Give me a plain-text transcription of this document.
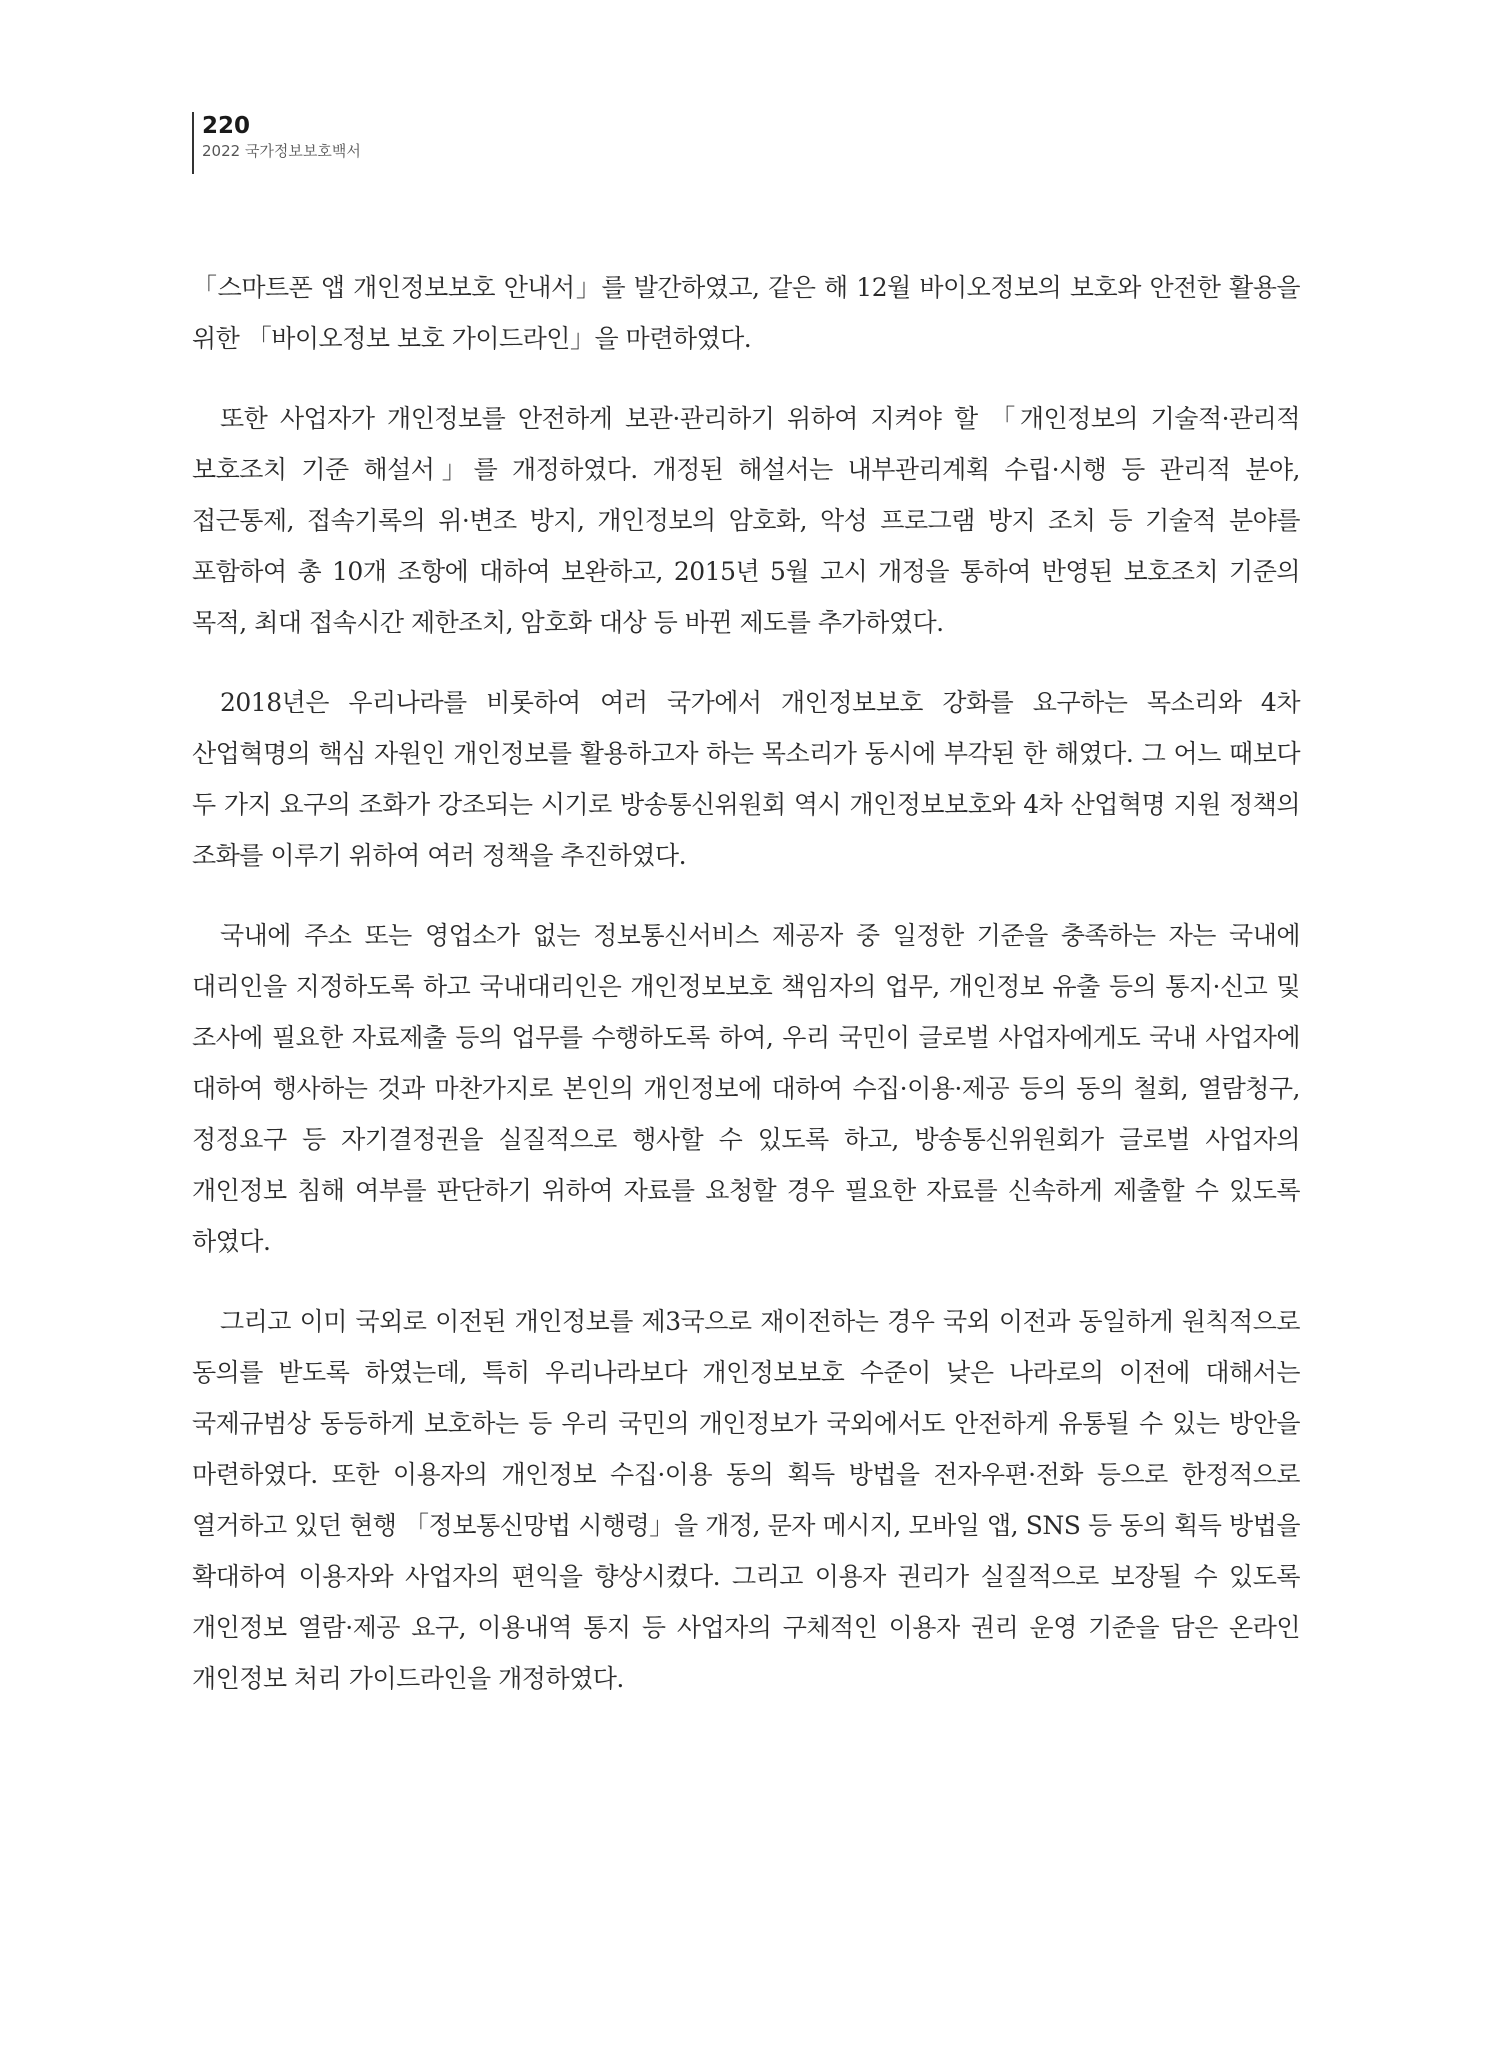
220
2022 국가정보보호백서

「스마트폰 앱 개인정보보호 안내서」를 발간하였고, 같은 해 12월 바이오정보의 보호와 안전한 활용을 위한 「바이오정보 보호 가이드라인」을 마련하였다.

또한 사업자가 개인정보를 안전하게 보관·관리하기 위하여 지켜야 할 「개인정보의 기술적·관리적 보호조치 기준 해설서」를 개정하였다. 개정된 해설서는 내부관리계획 수립·시행 등 관리적 분야, 접근통제, 접속기록의 위·변조 방지, 개인정보의 암호화, 악성 프로그램 방지 조치 등 기술적 분야를 포함하여 총 10개 조항에 대하여 보완하고, 2015년 5월 고시 개정을 통하여 반영된 보호조치 기준의 목적, 최대 접속시간 제한조치, 암호화 대상 등 바뀐 제도를 추가하였다.

2018년은 우리나라를 비롯하여 여러 국가에서 개인정보보호 강화를 요구하는 목소리와 4차 산업혁명의 핵심 자원인 개인정보를 활용하고자 하는 목소리가 동시에 부각된 한 해였다. 그 어느 때보다 두 가지 요구의 조화가 강조되는 시기로 방송통신위원회 역시 개인정보보호와 4차 산업혁명 지원 정책의 조화를 이루기 위하여 여러 정책을 추진하였다.

국내에 주소 또는 영업소가 없는 정보통신서비스 제공자 중 일정한 기준을 충족하는 자는 국내에 대리인을 지정하도록 하고 국내대리인은 개인정보보호 책임자의 업무, 개인정보 유출 등의 통지·신고 및 조사에 필요한 자료제출 등의 업무를 수행하도록 하여, 우리 국민이 글로벌 사업자에게도 국내 사업자에 대하여 행사하는 것과 마찬가지로 본인의 개인정보에 대하여 수집·이용·제공 등의 동의 철회, 열람청구, 정정요구 등 자기결정권을 실질적으로 행사할 수 있도록 하고, 방송통신위원회가 글로벌 사업자의 개인정보 침해 여부를 판단하기 위하여 자료를 요청할 경우 필요한 자료를 신속하게 제출할 수 있도록 하였다.

그리고 이미 국외로 이전된 개인정보를 제3국으로 재이전하는 경우 국외 이전과 동일하게 원칙적으로 동의를 받도록 하였는데, 특히 우리나라보다 개인정보보호 수준이 낮은 나라로의 이전에 대해서는 국제규범상 동등하게 보호하는 등 우리 국민의 개인정보가 국외에서도 안전하게 유통될 수 있는 방안을 마련하였다. 또한 이용자의 개인정보 수집·이용 동의 획득 방법을 전자우편·전화 등으로 한정적으로 열거하고 있던 현행 「정보통신망법 시행령」을 개정, 문자 메시지, 모바일 앱, SNS 등 동의 획득 방법을 확대하여 이용자와 사업자의 편익을 향상시켰다. 그리고 이용자 권리가 실질적으로 보장될 수 있도록 개인정보 열람·제공 요구, 이용내역 통지 등 사업자의 구체적인 이용자 권리 운영 기준을 담은 온라인 개인정보 처리 가이드라인을 개정하였다.
